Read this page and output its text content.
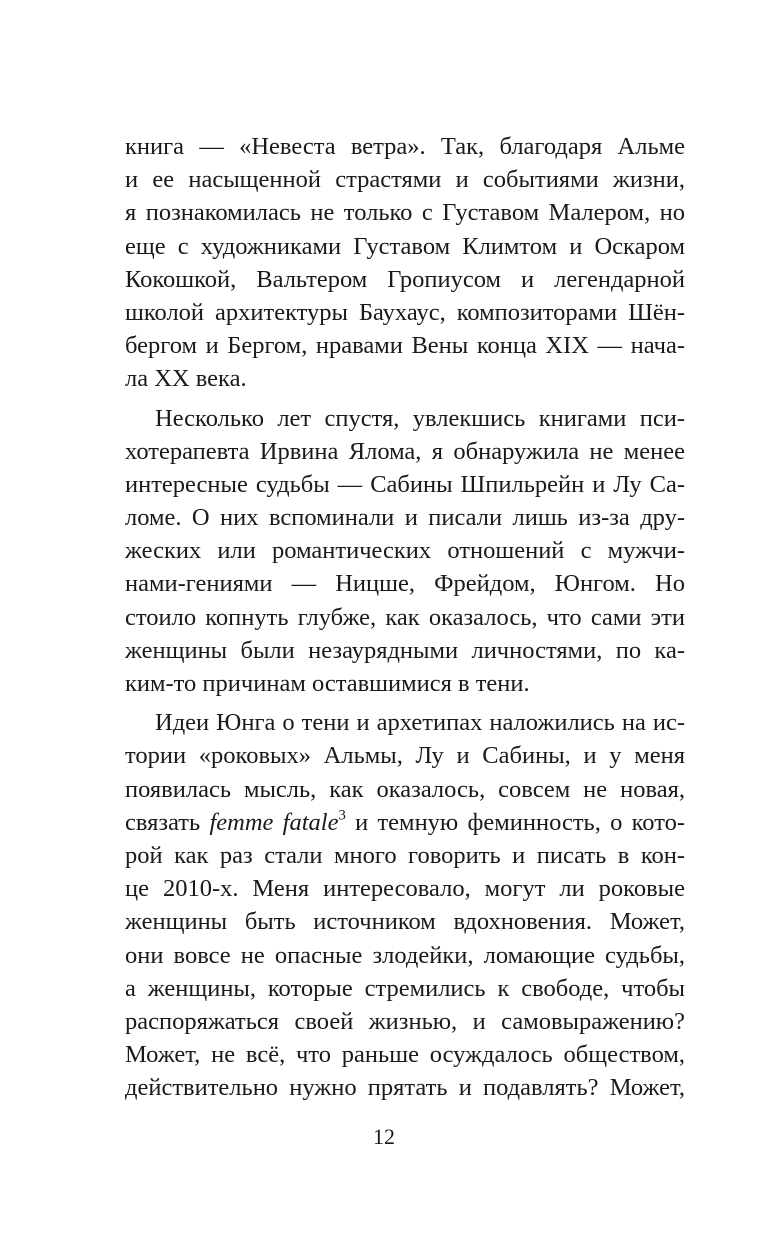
книга — «Невеста ветра». Так, благодаря Альме
и ее насыщенной страстями и событиями жизни,
я познакомилась не только с Густавом Малером, но
еще с художниками Густавом Климтом и Оскаром
Кокошкой, Вальтером Гропиусом и легендарной
школой архитектуры Баухаус, композиторами Шён-
бергом и Бергом, нравами Вены конца XIX — нача-
ла XX века.
Несколько лет спустя, увлекшись книгами пси-
хотерапевта Ирвина Ялома, я обнаружила не менее
интересные судьбы — Сабины Шпильрейн и Лу Са-
ломе. О них вспоминали и писали лишь из-за дру-
жеских или романтических отношений с мужчи-
нами-гениями — Ницше, Фрейдом, Юнгом. Но
стоило копнуть глубже, как оказалось, что сами эти
женщины были незаурядными личностями, по ка-
ким-то причинам оставшимися в тени.
Идеи Юнга о тени и архетипах наложились на ис-
тории «роковых» Альмы, Лу и Сабины, и у меня
появилась мысль, как оказалось, совсем не новая,
связать femme fatale$^3$ и темную феминность, о кото-
рой как раз стали много говорить и писать в кон-
це 2010-х. Меня интересовало, могут ли роковые
женщины быть источником вдохновения. Может,
они вовсе не опасные злодейки, ломающие судьбы,
а женщины, которые стремились к свободе, чтобы
распоряжаться своей жизнью, и самовыражению?
Может, не всё, что раньше осуждалось обществом,
действительно нужно прятать и подавлять? Может,
12
